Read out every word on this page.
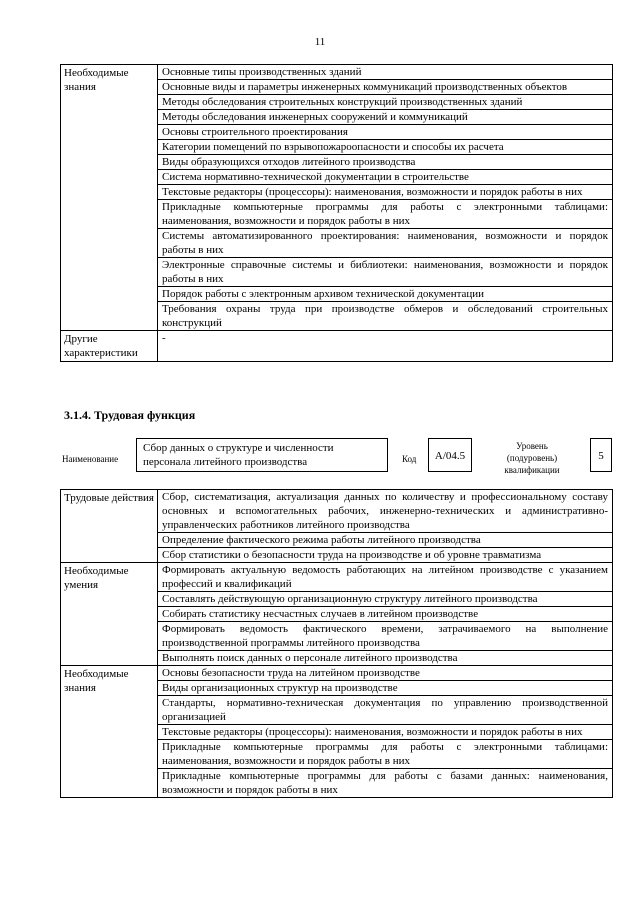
11
Необходимые знания	Основные типы производственных зданий
	Основные виды и параметры инженерных коммуникаций производственных объектов
	Методы обследования строительных конструкций производственных зданий
	Методы обследования инженерных сооружений и коммуникаций
	Основы строительного проектирования
	Категории помещений по взрывопожароопасности и способы их расчета
	Виды образующихся отходов литейного производства
	Система нормативно-технической документации в строительстве
	Текстовые редакторы (процессоры): наименования, возможности и порядок работы в них
	Прикладные компьютерные программы для работы с электронными таблицами: наименования, возможности и порядок работы в них
	Системы автоматизированного проектирования: наименования, возможности и порядок работы в них
	Электронные справочные системы и библиотеки: наименования, возможности и порядок работы в них
	Порядок работы с электронным архивом технической документации
	Требования охраны труда при производстве обмеров и обследований строительных конструкций
Другие характеристики	-
3.1.4. Трудовая функция
Наименование
Сбор данных о структуре и численности персонала литейного производства	Код	А/04.5
Уровень (подуровень) квалификации
5
Трудовые действия	Сбор, систематизация, актуализация данных по количеству и профессиональному составу основных и вспомогательных рабочих, инженерно-технических и административно-управленческих работников литейного производства
	Определение фактического режима работы литейного производства
	Сбор статистики о безопасности труда на производстве и об уровне травматизма
Необходимые умения	Формировать актуальную ведомость работающих на литейном производстве с указанием профессий и квалификаций
	Составлять действующую организационную структуру литейного производства
	Собирать статистику несчастных случаев в литейном производстве
	Формировать ведомость фактического времени, затрачиваемого на выполнение производственной программы литейного производства
	Выполнять поиск данных о персонале литейного производства
Необходимые знания	Основы безопасности труда на литейном производстве
	Виды организационных структур на производстве
	Стандарты, нормативно-техническая документация по управлению производственной организацией
	Текстовые редакторы (процессоры): наименования, возможности и порядок работы в них
	Прикладные компьютерные программы для работы с электронными таблицами: наименования, возможности и порядок работы в них
	Прикладные компьютерные программы для работы с базами данных: наименования, возможности и порядок работы в них
